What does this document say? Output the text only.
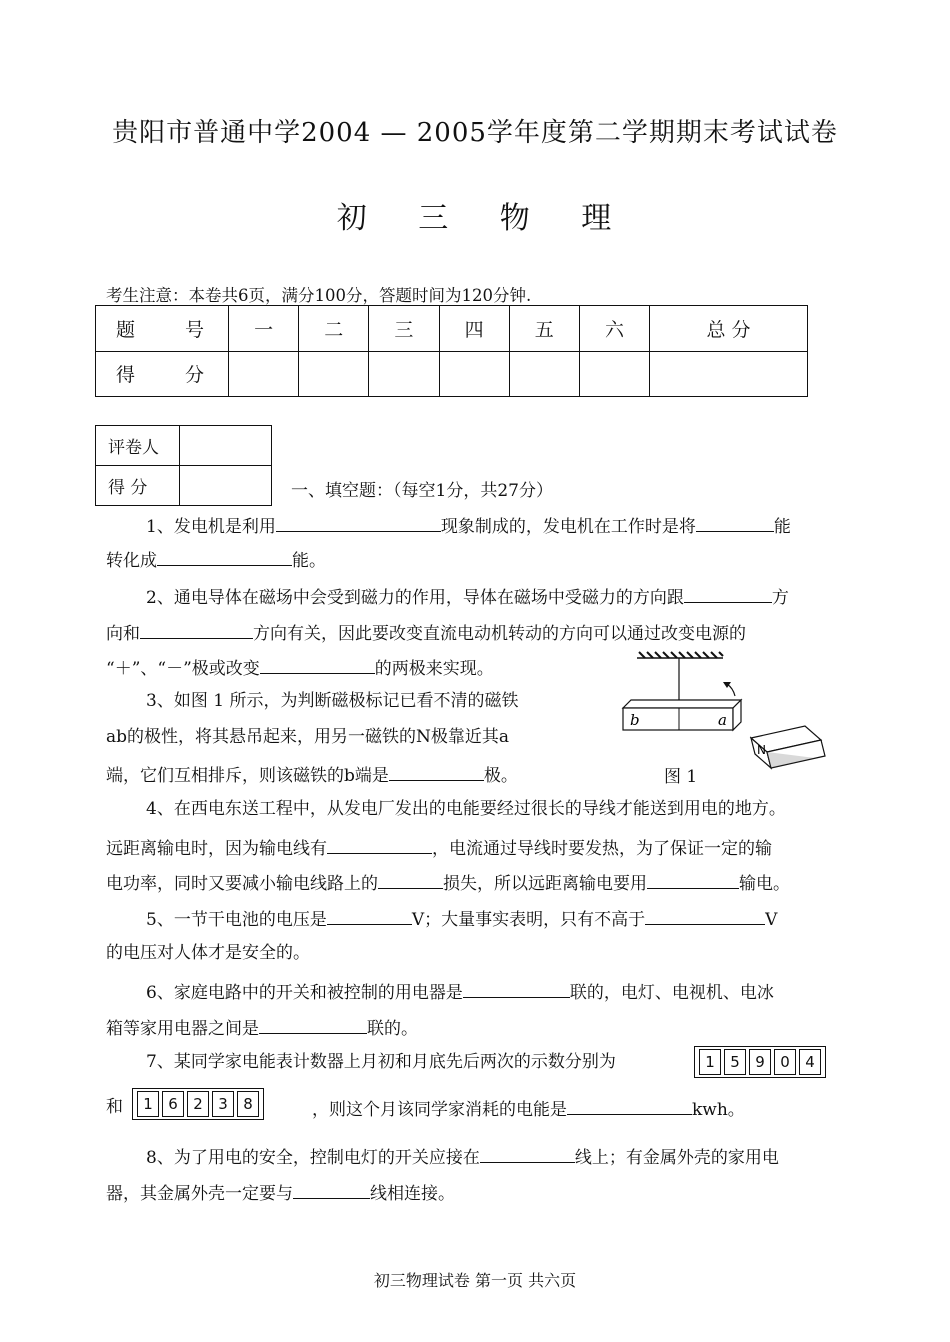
贵阳市普通中学2004 — 2005学年度第二学期期末考试试卷
初 三 物 理
考生注意：本卷共6页，满分100分，答题时间为120分钟.
题 号	一	二	三	四	五	六	总 分
得 分							
评卷人	
得 分		一、填空题：（每空1分，共27分）
1、发电机是利用	现象制成的，发电机在工作时是将	能
转化成	能。
2、通电导体在磁场中会受到磁力的作用，导体在磁场中受磁力的方向跟	方
向和	方向有关，因此要改变直流电动机转动的方向可以通过改变电源的
“＋”、“－”极或改变	的两极来实现。
3、如图 1 所示，为判断磁极标记已看不清的磁铁
ab的极性，将其悬吊起来，用另一磁铁的N极靠近其a
端，它们互相排斥，则该磁铁的b端是	极。
b	a
N
图 1
4、在西电东送工程中，从发电厂发出的电能要经过很长的导线才能送到用电的地方。
远距离输电时，因为输电线有	，电流通过导线时要发热，为了保证一定的输
电功率，同时又要减小输电线路上的	损失，所以远距离输电要用	输电。
5、一节干电池的电压是	V；大量事实表明，只有不高于	V
的电压对人体才是安全的。
6、家庭电路中的开关和被控制的用电器是	联的，电灯、电视机、电冰
箱等家用电器之间是	联的。
7、某同学家电能表计数器上月初和月底先后两次的示数分别为	1	5	9	0	4
和	1	6	2	3	8	，则这个月该同学家消耗的电能是	kwh。
8、为了用电的安全，控制电灯的开关应接在	线上；有金属外壳的家用电
器，其金属外壳一定要与	线相连接。
初三物理试卷 第一页 共六页
